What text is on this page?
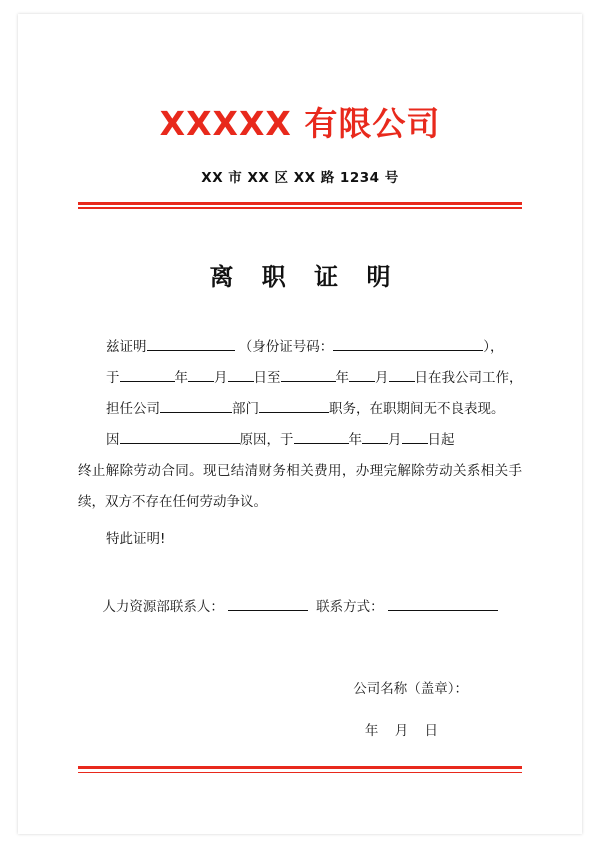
XXXXX 有限公司
XX 市 XX 区 XX 路 1234 号
离 职 证 明
兹证明	（身份证号码：	），
于	年 月 日至	年 月 日在我公司工作，
担任公司	部门	职务，在职期间无不良表现。
因	原因，于	年 月 日起
终止解除劳动合同。现已结清财务相关费用，办理完解除劳动关系相关手续，双方不存在任何劳动争议。
特此证明!
人力资源部联系人：	联系方式：
公司名称（盖章）：
年 月 日
